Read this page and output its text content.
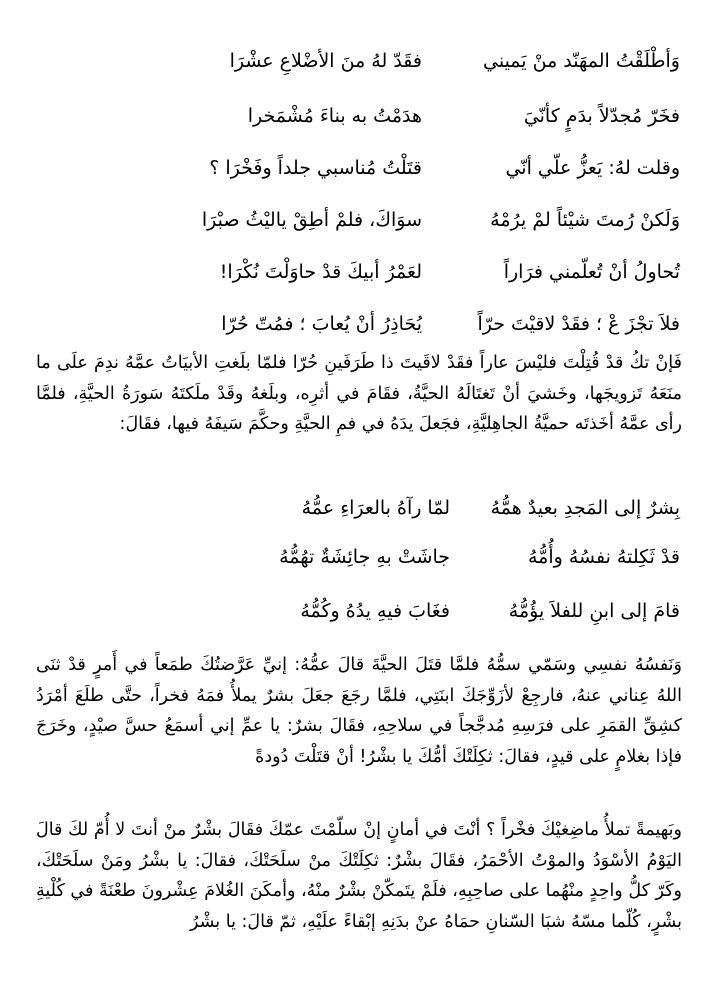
وَأطْلَقْتُ المهَنّد منْ يَميني
فقَدّ لهُ منَ الأضْلاعِ عشْرَا
فخَرّ مُجدّلاً بدَمٍ كأنّيَ
هدَمْتُ به بناءَ مُشْمَخرا
وقلت لهُ: يَعزُّ علّي أنّي
قتَلْتُ مُناسبي جلداً وفَخْرَا ؟
وَلَكنْ رُمتَ شيْئاً لمْ يرُمْهُ
سوَاكَ، فلمْ أطِقْ ياليْثُ صبْرَا
تُحاولُ أنْ تُعلّمني فرَاراً
لعَمْرُ أبيكَ قدْ حاوَلْتَ نُكْرَا!
فلاَ تجْزَ عْ ؛ فقَدْ لاقيْتَ حرّاً
يُحَاذِرُ أنْ يُعابَ ؛ فمُتّ حُرّا

فَإنْ تكُ قدْ قُتِلْتَ فليْسَ عاراً فقَدْ لاقَيتَ ذا طَرَفَينِ حُرّا فلمّا بلَغتِ الأبيَاتُ عمَّهُ ندِمَ علَى ما منَعَهُ تَزويجَها، وخَشيَ أنْ تَغتَالَهُ الحيَّةُ، فقَامَ في أثرِه، وبلَغهُ وقَدْ ملَكتَهُ سَورَةُ الحيَّةِ، فلمَّا رأى عمَّهُ أخَذتَه حميَّةُ الجاهِليَّةِ، فجَعلَ يدَهُ في فمِ الحيَّةِ وحكَّمَ سَيفَهُ فيها، فقَالَ:

بِشرٌ إلى المَجدِ بعيدٌ همُّهُ
لمّا رآهُ بالعرَاءِ عمُّهُ
قدْ ثَكِلتهُ نفسُهُ وأُمُّهُ
جاشَتْ بهِ جائِشَةٌ تهُمُّهُ
قامَ إلى ابنِ للفلاَ يؤُمُّهُ
فغَابَ فيهِ يدُهُ وكُمُّهُ

وَنَفسُهُ نفسِي وسَمّي سمُّهُ فلمَّا قتَلَ الحيَّةَ قالَ عمُّهُ: إنيِّ عَرَّضتُكَ طمَعاً في أَمرٍ قدْ ثنَى اللهُ عِناني عنهُ، فارجِعْ لأزَوِّجَكَ ابنَتِي، فلمَّا رجَعَ جعَلَ بشرٌ يملأُ فمَهُ فخراً، حتَّى طلَعَ أمْرَدُ كشِقِّ القمَرِ على فرَسِهِ مُدجَّجاً في سلاحِهِ، فقَالَ بشرٌ: يا عمِّ إني أسمَعُ حسَّ صيْدٍ، وخَرَجَ فإذا بغلامٍ على قيدٍ، فقالَ: ثكِلَتْكَ أمُّكَ يا بشْرُ! أنْ قتَلْتَ دُودةً

وبَهيمةً تملأُ ماضِغيْكَ فخْراً ؟ أنْتَ في أمانٍ إنْ سلّمْتَ عمّكَ فقَالَ بشْرٌ منْ أنتَ لا أُمّ لكَ قالَ اليَوْمُ الأسْوَدُ والموْتُ الأحْمَرُ، فقَالَ بشْرٌ: ثكِلَتْكَ منْ سلَحَتْكَ، فقالَ: يا بشْرُ ومَنْ سلَحَتْكَ، وكَرّ كلُّ واحِدٍ منْهُما على صاحِبِهِ، فلَمْ يتَمكّنْ بشْرٌ منْهُ، وأمكَنَ الغُلامَ عِشْرونَ طعْنَةً في كُلْيةِ بشْرٍ، كُلّما مسّهُ شبَا السّنانِ حمَاهُ عنْ بدَنِهِ إبْقاءً علَيْهِ، ثمّ قالَ: يا بشْرُ
